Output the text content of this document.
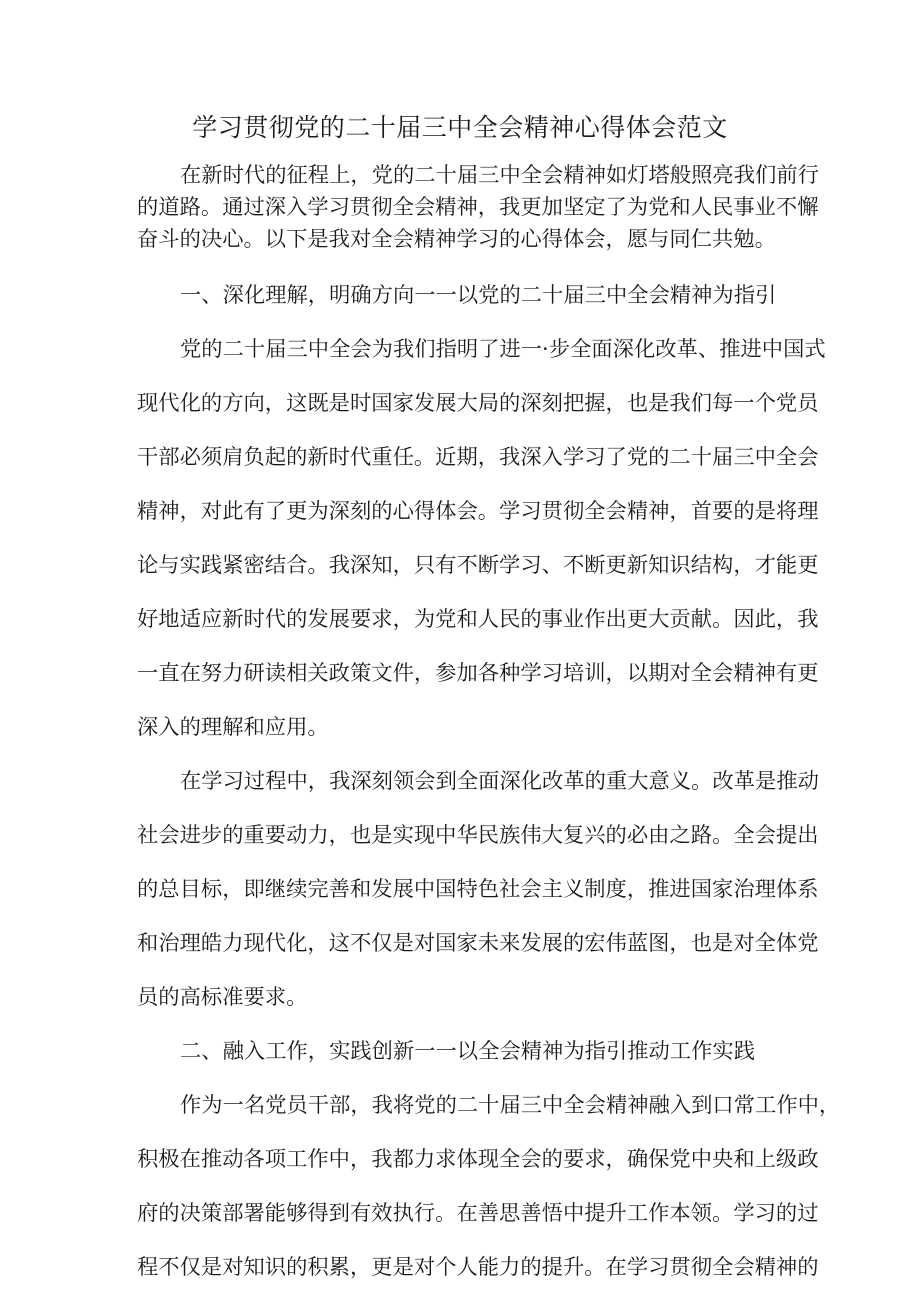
学习贯彻党的二十届三中全会精神心得体会范文
在新时代的征程上，党的二十届三中全会精神如灯塔般照亮我们前行
的道路。通过深入学习贯彻全会精神，我更加坚定了为党和人民事业不懈
奋斗的决心。以下是我对全会精神学习的心得体会，愿与同仁共勉。
一、深化理解，明确方向一一以党的二十届三中全会精神为指引
党的二十届三中全会为我们指明了进一·步全面深化改革、推进中国式
现代化的方向，这既是时国家发展大局的深刻把握，也是我们每一个党员
干部必须肩负起的新时代重任。近期，我深入学习了党的二十届三中全会
精神，对此有了更为深刻的心得体会。学习贯彻全会精神，首要的是将理
论与实践紧密结合。我深知，只有不断学习、不断更新知识结构，才能更
好地适应新时代的发展要求，为党和人民的事业作出更大贡献。因此，我
一直在努力研读相关政策文件，参加各种学习培训，以期对全会精神有更
深入的理解和应用。
在学习过程中，我深刻领会到全面深化改革的重大意义。改革是推动
社会进步的重要动力，也是实现中华民族伟大复兴的必由之路。全会提出
的总目标，即继续完善和发展中国特色社会主义制度，推进国家治理体系
和治理皓力现代化，这不仅是对国家未来发展的宏伟蓝图，也是对全体党
员的高标准要求。
二、融入工作，实践创新一一以全会精神为指引推动工作实践
作为一名党员干部，我将党的二十届三中全会精神融入到口常工作中，
积极在推动各项工作中，我都力求体现全会的要求，确保党中央和上级政
府的决策部署能够得到有效执行。在善思善悟中提升工作本领。学习的过
程不仅是对知识的积累，更是对个人能力的提升。在学习贯彻全会精神的
